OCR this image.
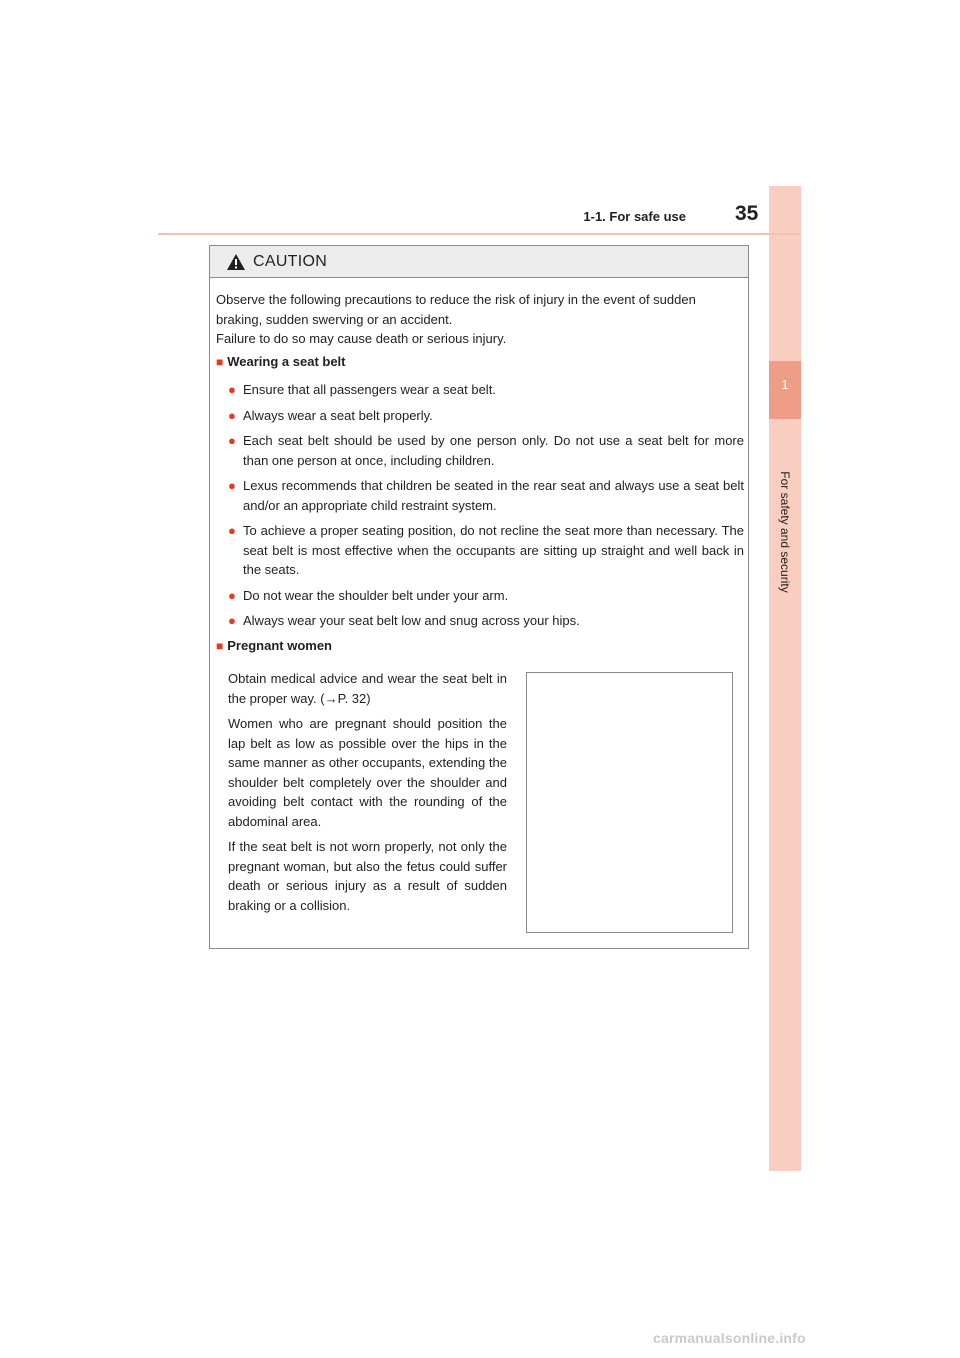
1
For safety and security
1-1. For safe use 35
CAUTION
Observe the following precautions to reduce the risk of injury in the event of sudden braking, sudden swerving or an accident.
Failure to do so may cause death or serious injury.
■ Wearing a seat belt
● Ensure that all passengers wear a seat belt.
● Always wear a seat belt properly.
● Each seat belt should be used by one person only. Do not use a seat belt for more than one person at once, including children.
● Lexus recommends that children be seated in the rear seat and always use a seat belt and/or an appropriate child restraint system.
● To achieve a proper seating position, do not recline the seat more than necessary. The seat belt is most effective when the occupants are sitting up straight and well back in the seats.
● Do not wear the shoulder belt under your arm.
● Always wear your seat belt low and snug across your hips.
■ Pregnant women

Obtain medical advice and wear the seat belt in the proper way. (→P. 32)

Women who are pregnant should position the lap belt as low as possible over the hips in the same manner as other occupants, extending the shoulder belt completely over the shoulder and avoiding belt contact with the rounding of the abdominal area.

If the seat belt is not worn properly, not only the pregnant woman, but also the fetus could suffer death or serious injury as a result of sudden braking or a collision.

carmanualsonline.info
